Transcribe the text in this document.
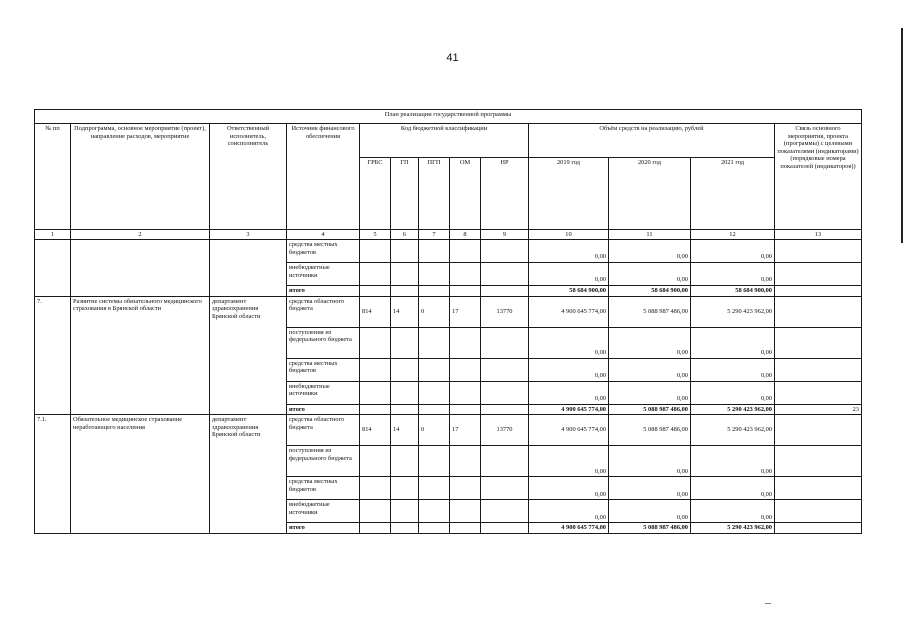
41
План реализации государственной программы												
№ пп	Подпрограмма, основное мероприятие (проект), направление расходов, мероприятие	Ответственный исполнитель, соисполнитель	Источник финансового обеспечения	Код бюджетной классификации					Объём средств на реализацию, рублей			Связь основного мероприятия, проекта (программы) с целевыми показателями (индикаторами) (порядковые номера показателей (индикаторов))
				ГРБС	ГП	ПГП	ОМ	НР	2019 год	2020 год	2021 год	
1	2	3	4	5	6	7	8	9	10	11	12	13
			средства местных бюджетов						0,00	0,00	0,00	
			внебюджетные источники						0,00	0,00	0,00	
			итого						58 684 900,00	58 684 900,00	58 684 900,00	
7.	Развитие системы обязательного медицинского страхования в Брянской области	департамент здравоохранения Брянской области	средства областного бюджета	814	14	0	17	13770	4 900 645 774,00	5 088 987 486,00	5 290 423 962,00	
			поступления из федерального бюджета						0,00	0,00	0,00	
			средства местных бюджетов						0,00	0,00	0,00	
			внебюджетные источники						0,00	0,00	0,00	
			итого						4 900 645 774,00	5 088 987 486,00	5 290 423 962,00	23
7.1.	Обязательное медицинское страхование неработающего населения	департамент здравоохранения Брянской области	средства областного бюджета	814	14	0	17	13770	4 900 645 774,00	5 088 987 486,00	5 290 423 962,00	
			поступления из федерального бюджета						0,00	0,00	0,00	
			средства местных бюджетов						0,00	0,00	0,00	
			внебюджетные источники						0,00	0,00	0,00	
			итого						4 900 645 774,00	5 088 987 486,00	5 290 423 962,00	
